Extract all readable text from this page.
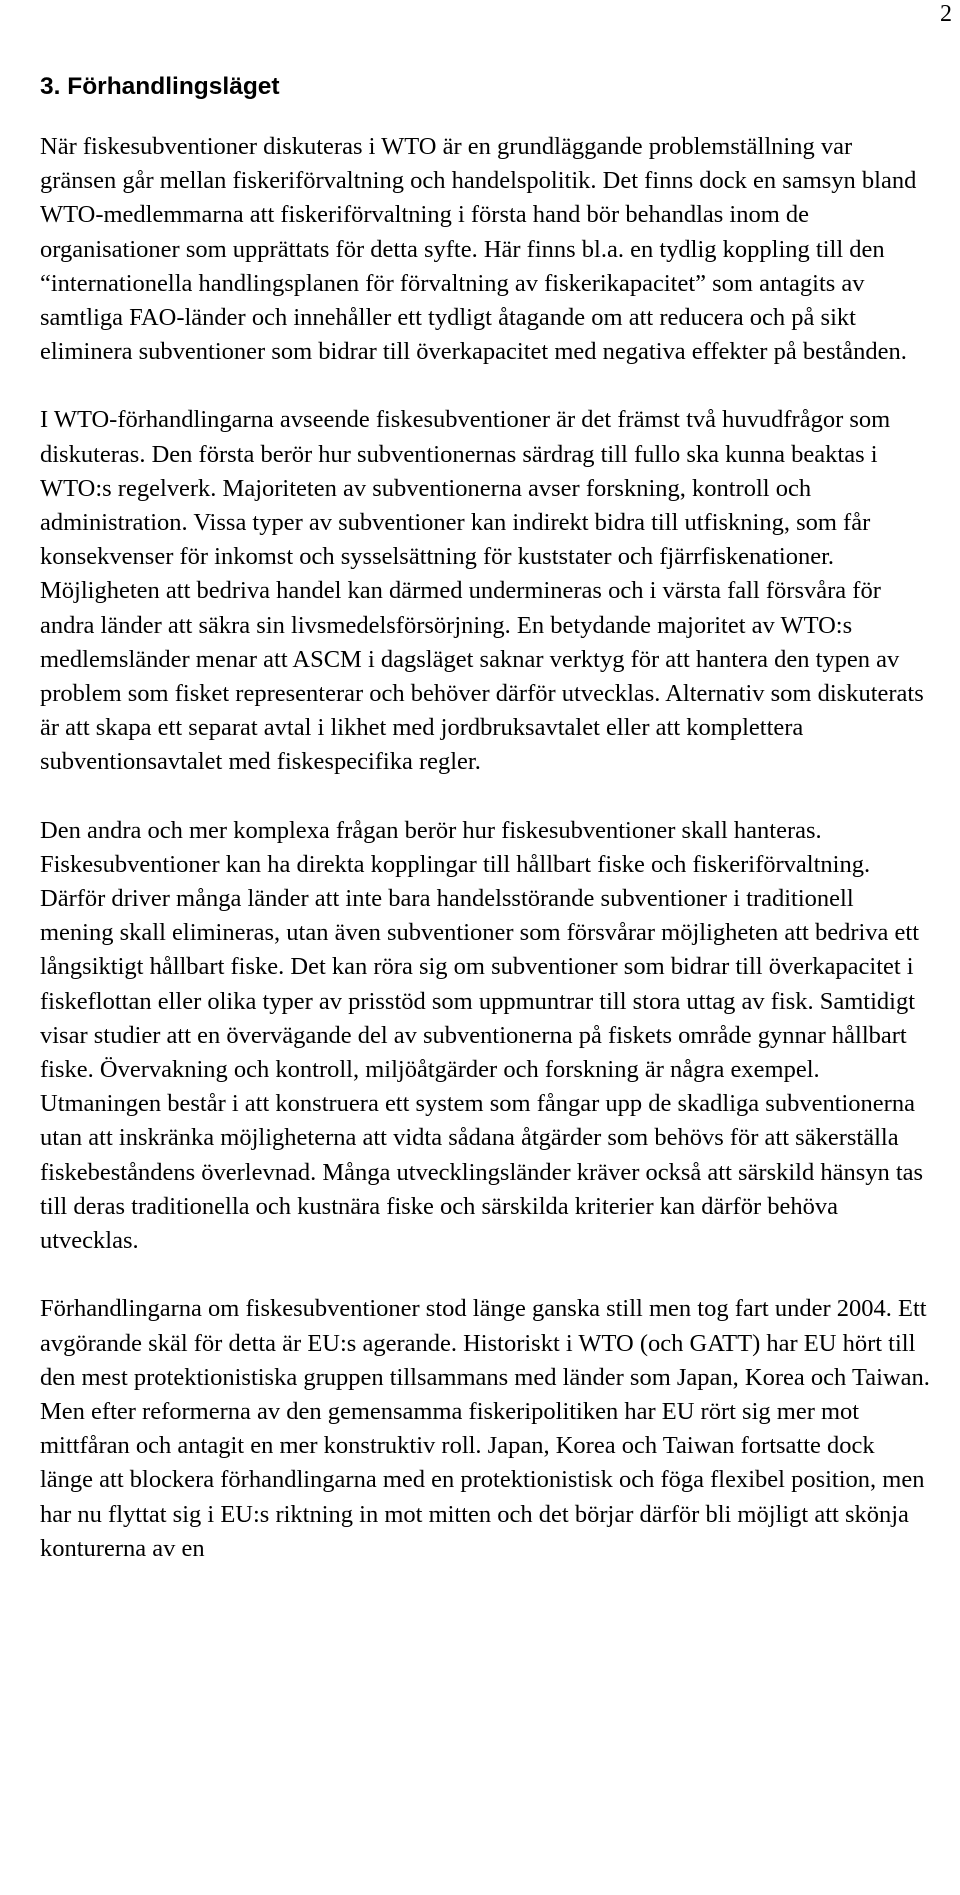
2
3. Förhandlingsläget

När fiskesubventioner diskuteras i WTO är en grundläggande problemställning var gränsen går mellan fiskeriförvaltning och handelspolitik. Det finns dock en samsyn bland WTO-medlemmarna att fiskeriförvaltning i första hand bör behandlas inom de organisationer som upprättats för detta syfte. Här finns bl.a. en tydlig koppling till den “internationella handlingsplanen för förvaltning av fiskerikapacitet” som antagits av samtliga FAO-länder och innehåller ett tydligt åtagande om att reducera och på sikt eliminera subventioner som bidrar till överkapacitet med negativa effekter på bestånden.

I WTO-förhandlingarna avseende fiskesubventioner är det främst två huvudfrågor som diskuteras. Den första berör hur subventionernas särdrag till fullo ska kunna beaktas i WTO:s regelverk. Majoriteten av subventionerna avser forskning, kontroll och administration. Vissa typer av subventioner kan indirekt bidra till utfiskning, som får konsekvenser för inkomst och sysselsättning för kuststater och fjärrfiskenationer. Möjligheten att bedriva handel kan därmed undermineras och i värsta fall försvåra för andra länder att säkra sin livsmedelsförsörjning. En betydande majoritet av WTO:s medlemsländer menar att ASCM i dagsläget saknar verktyg för att hantera den typen av problem som fisket representerar och behöver därför utvecklas. Alternativ som diskuterats är att skapa ett separat avtal i likhet med jordbruksavtalet eller att komplettera subventionsavtalet med fiskespecifika regler.

Den andra och mer komplexa frågan berör hur fiskesubventioner skall hanteras. Fiskesubventioner kan ha direkta kopplingar till hållbart fiske och fiskeriförvaltning. Därför driver många länder att inte bara handelsstörande subventioner i traditionell mening skall elimineras, utan även subventioner som försvårar möjligheten att bedriva ett långsiktigt hållbart fiske. Det kan röra sig om subventioner som bidrar till överkapacitet i fiskeflottan eller olika typer av prisstöd som uppmuntrar till stora uttag av fisk. Samtidigt visar studier att en övervägande del av subventionerna på fiskets område gynnar hållbart fiske. Övervakning och kontroll, miljöåtgärder och forskning är några exempel. Utmaningen består i att konstruera ett system som fångar upp de skadliga subventionerna utan att inskränka möjligheterna att vidta sådana åtgärder som behövs för att säkerställa fiskebeståndens överlevnad. Många utvecklingsländer kräver också att särskild hänsyn tas till deras traditionella och kustnära fiske och särskilda kriterier kan därför behöva utvecklas.

Förhandlingarna om fiskesubventioner stod länge ganska still men tog fart under 2004. Ett avgörande skäl för detta är EU:s agerande. Historiskt i WTO (och GATT) har EU hört till den mest protektionistiska gruppen tillsammans med länder som Japan, Korea och Taiwan. Men efter reformerna av den gemensamma fiskeripolitiken har EU rört sig mer mot mittfåran och antagit en mer konstruktiv roll. Japan, Korea och Taiwan fortsatte dock länge att blockera förhandlingarna med en protektionistisk och föga flexibel position, men har nu flyttat sig i EU:s riktning in mot mitten och det börjar därför bli möjligt att skönja konturerna av en
